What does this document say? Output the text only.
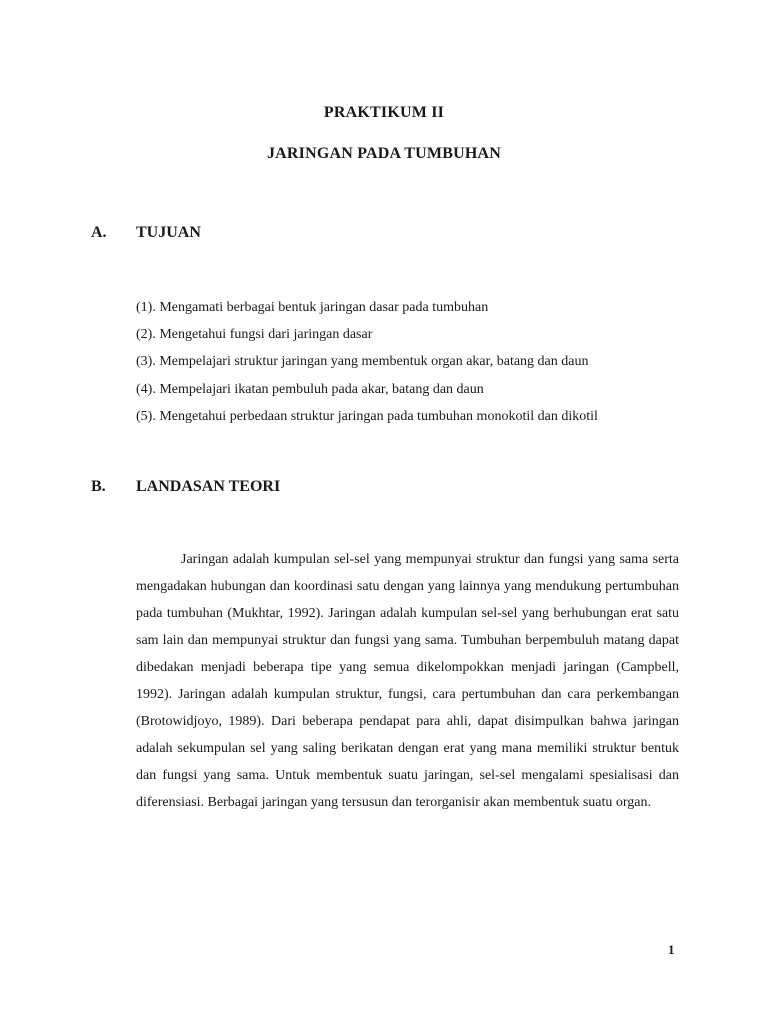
PRAKTIKUM II
JARINGAN PADA TUMBUHAN
A. TUJUAN
(1). Mengamati berbagai bentuk jaringan dasar pada tumbuhan
(2). Mengetahui fungsi dari jaringan dasar
(3). Mempelajari struktur jaringan yang membentuk organ akar, batang dan daun
(4). Mempelajari ikatan pembuluh pada akar, batang dan daun
(5). Mengetahui perbedaan struktur jaringan pada tumbuhan monokotil dan dikotil
B. LANDASAN TEORI

Jaringan adalah kumpulan sel-sel yang mempunyai struktur dan fungsi yang sama serta mengadakan hubungan dan koordinasi satu dengan yang lainnya yang mendukung pertumbuhan pada tumbuhan (Mukhtar, 1992). Jaringan adalah kumpulan sel-sel yang berhubungan erat satu sam lain dan mempunyai struktur dan fungsi yang sama. Tumbuhan berpembuluh matang dapat dibedakan menjadi beberapa tipe yang semua dikelompokkan menjadi jaringan (Campbell, 1992). Jaringan adalah kumpulan struktur, fungsi, cara pertumbuhan dan cara perkembangan (Brotowidjoyo, 1989). Dari beberapa pendapat para ahli, dapat disimpulkan bahwa jaringan adalah sekumpulan sel yang saling berikatan dengan erat yang mana memiliki struktur bentuk dan fungsi yang sama. Untuk membentuk suatu jaringan, sel-sel mengalami spesialisasi dan diferensiasi. Berbagai jaringan yang tersusun dan terorganisir akan membentuk suatu organ.

1
